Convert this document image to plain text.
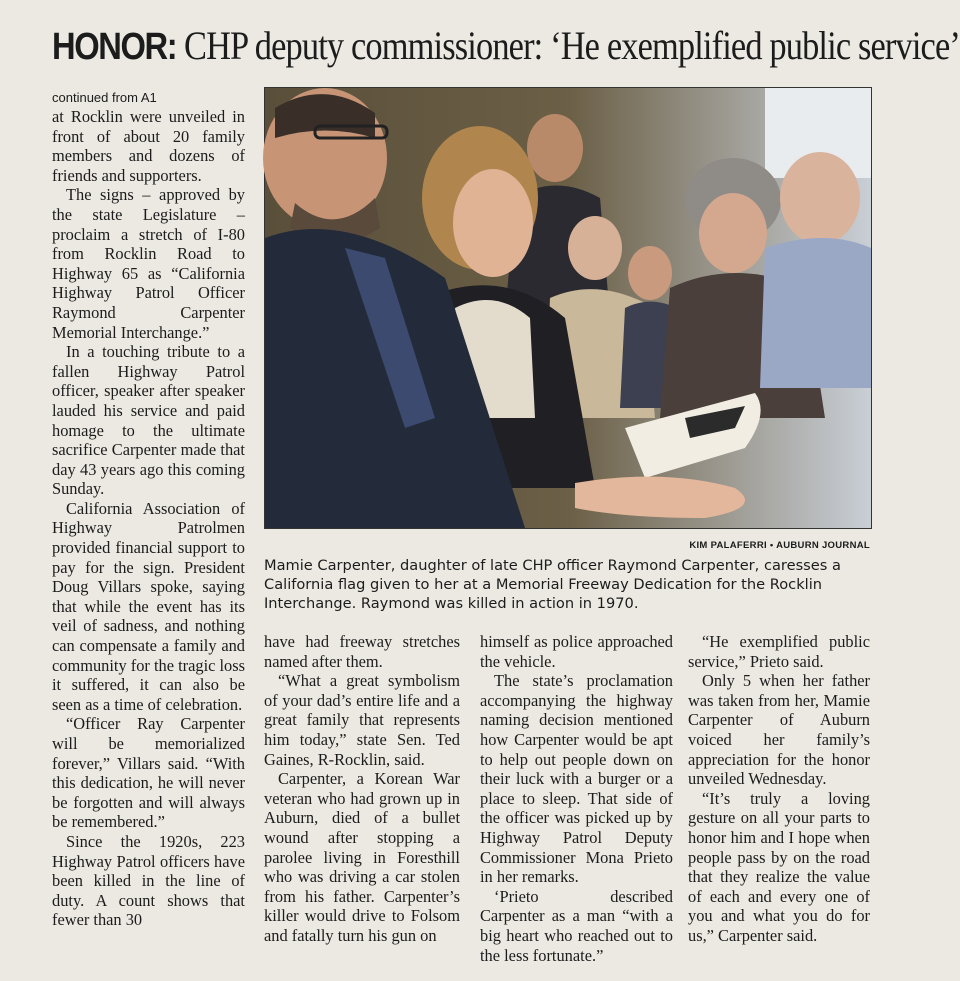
HONOR: CHP deputy commissioner: ‘He exemplified public service’
continued from A1

at Rocklin were unveiled in front of about 20 family members and dozens of friends and supporters.

The signs – approved by the state Legislature – proclaim a stretch of I-80 from Rocklin Road to Highway 65 as “California Highway Patrol Officer Raymond Carpenter Memorial Interchange.”

In a touching tribute to a fallen Highway Patrol officer, speaker after speaker lauded his service and paid homage to the ultimate sacrifice Carpenter made that day 43 years ago this coming Sunday.

California Association of Highway Patrolmen provided financial support to pay for the sign. President Doug Villars spoke, saying that while the event has its veil of sadness, and nothing can compensate a family and community for the tragic loss it suffered, it can also be seen as a time of celebration.

“Officer Ray Carpenter will be memorialized forever,” Villars said. “With this dedication, he will never be forgotten and will always be remembered.”

Since the 1920s, 223 Highway Patrol officers have been killed in the line of duty. A count shows that fewer than 30

KIM PALAFERRI • AUBURN JOURNAL
Mamie Carpenter, daughter of late CHP officer Raymond Carpenter, caresses a California flag given to her at a Memorial Freeway Dedication for the Rocklin Interchange. Raymond was killed in action in 1970.

have had freeway stretches named after them.

“What a great symbolism of your dad’s entire life and a great family that represents him today,” state Sen. Ted Gaines, R-Rocklin, said.

Carpenter, a Korean War veteran who had grown up in Auburn, died of a bullet wound after stopping a parolee living in Foresthill who was driving a car stolen from his father. Carpenter’s killer would drive to Folsom and fatally turn his gun on

himself as police approached the vehicle.

The state’s proclamation accompanying the highway naming decision mentioned how Carpenter would be apt to help out people down on their luck with a burger or a place to sleep. That side of the officer was picked up by Highway Patrol Deputy Commissioner Mona Prieto in her remarks.

‘Prieto described Carpenter as a man “with a big heart who reached out to the less fortunate.”

“He exemplified public service,” Prieto said.

Only 5 when her father was taken from her, Mamie Carpenter of Auburn voiced her family’s appreciation for the honor unveiled Wednesday.

“It’s truly a loving gesture on all your parts to honor him and I hope when people pass by on the road that they realize the value of each and every one of you and what you do for us,” Carpenter said.
